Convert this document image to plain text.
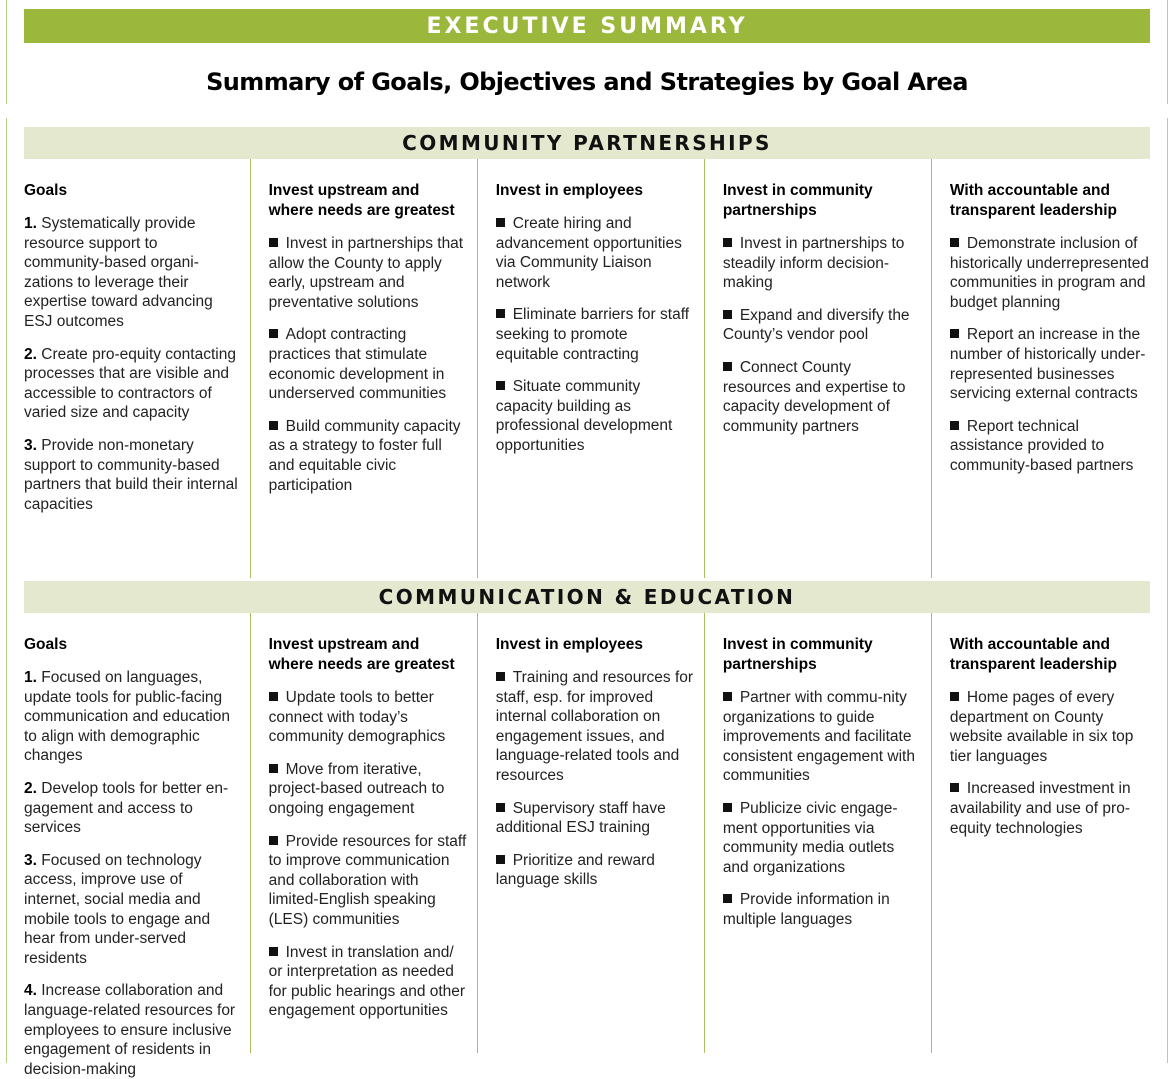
EXECUTIVE SUMMARY
Summary of Goals, Objectives and Strategies by Goal Area
COMMUNITY PARTNERSHIPS
Goals
1. Systematically provide resource support to community-based organi-zations to leverage their expertise toward advancing ESJ outcomes
2. Create pro-equity contacting processes that are visible and accessible to contractors of varied size and capacity
3. Provide non-monetary support to community-based partners that build their internal capacities
Invest upstream and where needs are greatest
Invest in partnerships that allow the County to apply early, upstream and preventative solutions
Adopt contracting practices that stimulate economic development in underserved communities
Build community capacity as a strategy to foster full and equitable civic participation
Invest in employees
Create hiring and advancement opportunities via Community Liaison network
Eliminate barriers for staff seeking to promote equitable contracting
Situate community capacity building as professional development opportunities
Invest in community partnerships
Invest in partnerships to steadily inform decision-making
Expand and diversify the County’s vendor pool
Connect County resources and expertise to capacity development of community partners
With accountable and transparent leadership
Demonstrate inclusion of historically underrepresented communities in program and budget planning
Report an increase in the number of historically under-represented businesses servicing external contracts
Report technical assistance provided to community-based partners
COMMUNICATION & EDUCATION
Goals
1. Focused on languages, update tools for public-facing communication and education to align with demographic changes
2. Develop tools for better en-gagement and access to services
3. Focused on technology access, improve use of internet, social media and mobile tools to engage and hear from under-served residents
4. Increase collaboration and language-related resources for employees to ensure inclusive engagement of residents in decision-making
Invest upstream and where needs are greatest
Update tools to better connect with today’s community demographics
Move from iterative, project-based outreach to ongoing engagement
Provide resources for staff to improve communication and collaboration with limited-English speaking (LES) communities
Invest in translation and/ or interpretation as needed for public hearings and other engagement opportunities
Invest in employees
Training and resources for staff, esp. for improved internal collaboration on engagement issues, and language-related tools and resources
Supervisory staff have additional ESJ training
Prioritize and reward language skills
Invest in community partnerships
Partner with commu-nity organizations to guide improvements and facilitate consistent engagement with communities
Publicize civic engage-ment opportunities via community media outlets and organizations
Provide information in multiple languages
With accountable and transparent leadership
Home pages of every department on County website available in six top tier languages
Increased investment in availability and use of pro-equity technologies
